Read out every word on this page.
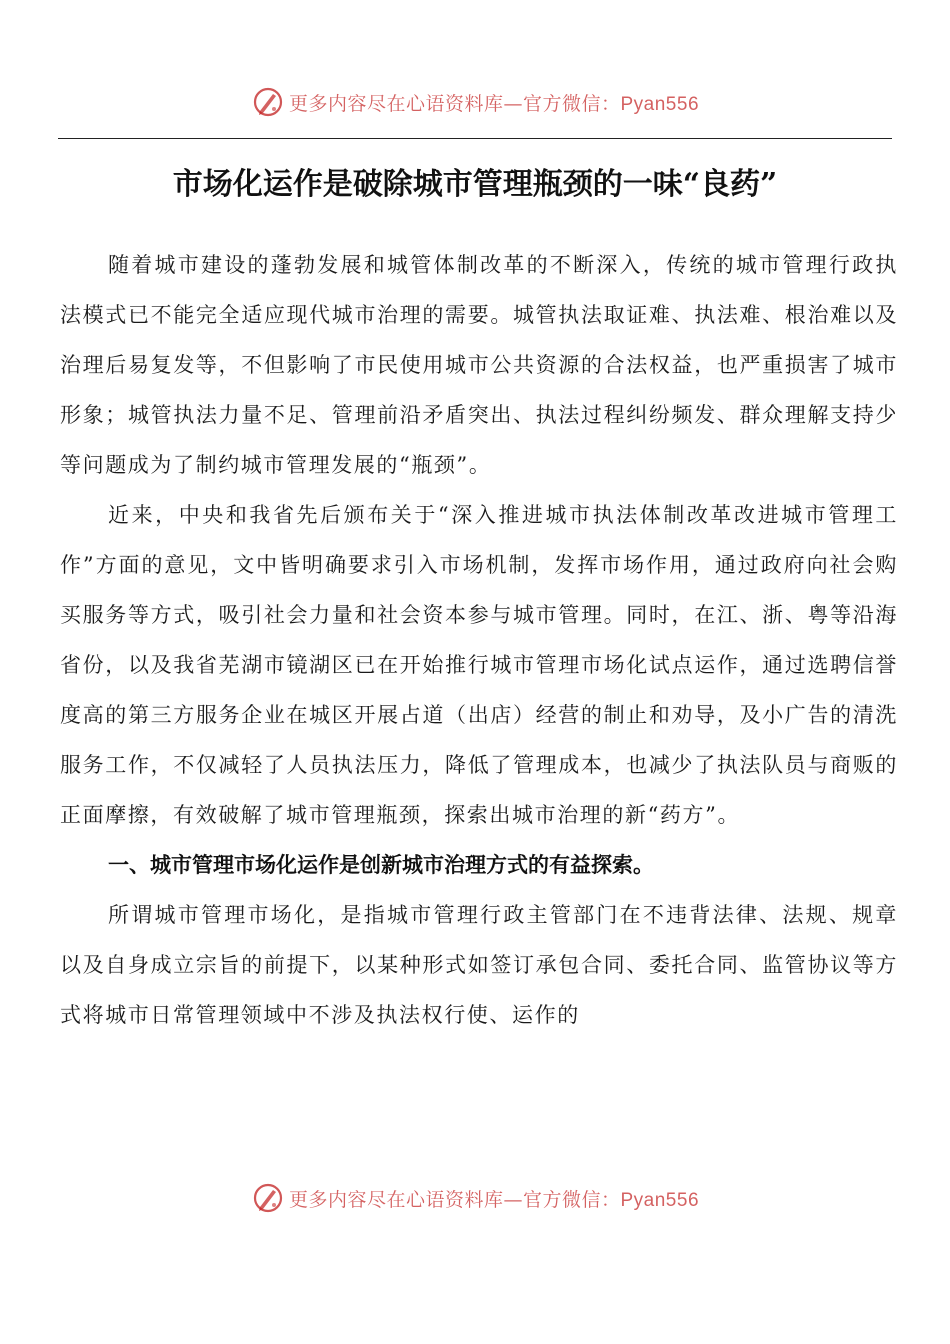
更多内容尽在心语资料库—官方微信：Pyan556
市场化运作是破除城市管理瓶颈的一味“良药”

随着城市建设的蓬勃发展和城管体制改革的不断深入，传统的城市管理行政执法模式已不能完全适应现代城市治理的需要。城管执法取证难、执法难、根治难以及治理后易复发等，不但影响了市民使用城市公共资源的合法权益，也严重损害了城市形象；城管执法力量不足、管理前沿矛盾突出、执法过程纠纷频发、群众理解支持少等问题成为了制约城市管理发展的“瓶颈”。

近来，中央和我省先后颁布关于“深入推进城市执法体制改革改进城市管理工作”方面的意见，文中皆明确要求引入市场机制，发挥市场作用，通过政府向社会购买服务等方式，吸引社会力量和社会资本参与城市管理。同时，在江、浙、粤等沿海省份，以及我省芜湖市镜湖区已在开始推行城市管理市场化试点运作，通过选聘信誉度高的第三方服务企业在城区开展占道（出店）经营的制止和劝导，及小广告的清洗服务工作，不仅减轻了人员执法压力，降低了管理成本，也减少了执法队员与商贩的正面摩擦，有效破解了城市管理瓶颈，探索出城市治理的新“药方”。

一、城市管理市场化运作是创新城市治理方式的有益探索。

所谓城市管理市场化，是指城市管理行政主管部门在不违背法律、法规、规章以及自身成立宗旨的前提下，以某种形式如签订承包合同、委托合同、监管协议等方式将城市日常管理领域中不涉及执法权行使、运作的

更多内容尽在心语资料库—官方微信：Pyan556
